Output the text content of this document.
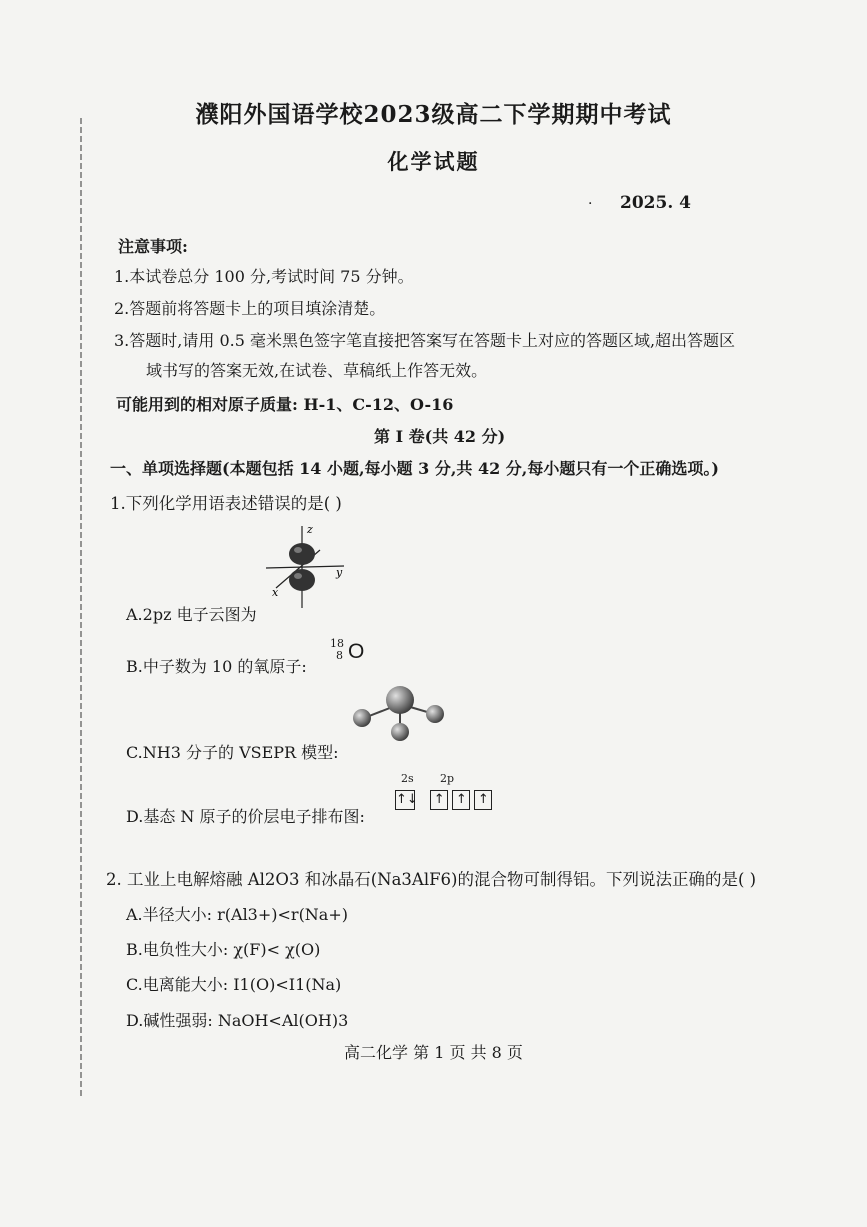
濮阳外国语学校2023级高二下学期期中考试
化学试题
· 2025. 4
注意事项:
1.本试卷总分 100 分,考试时间 75 分钟。
2.答题前将答题卡上的项目填涂清楚。
3.答题时,请用 0.5 毫米黑色签字笔直接把答案写在答题卡上对应的答题区域,超出答题区
域书写的答案无效,在试卷、草稿纸上作答无效。
可能用到的相对原子质量: H-1、C-12、O-16
第 I 卷(共 42 分)
一、单项选择题(本题包括 14 小题,每小题 3 分,共 42 分,每小题只有一个正确选项。)
1.下列化学用语表述错误的是( )
z
y
x
A.2pz 电子云图为
B.中子数为 10 的氧原子:
18
8 O
C.NH3 分子的 VSEPR 模型:
2s 2p
↑↓ ↑ ↑ ↑
D.基态 N 原子的价层电子排布图:
2. 工业上电解熔融 Al2O3 和冰晶石(Na3AlF6)的混合物可制得铝。下列说法正确的是( )
A.半径大小: r(Al3+)<r(Na+)
B.电负性大小: χ(F)< χ(O)
C.电离能大小: I1(O)<I1(Na)
D.碱性强弱: NaOH<Al(OH)3
高二化学 第 1 页 共 8 页
